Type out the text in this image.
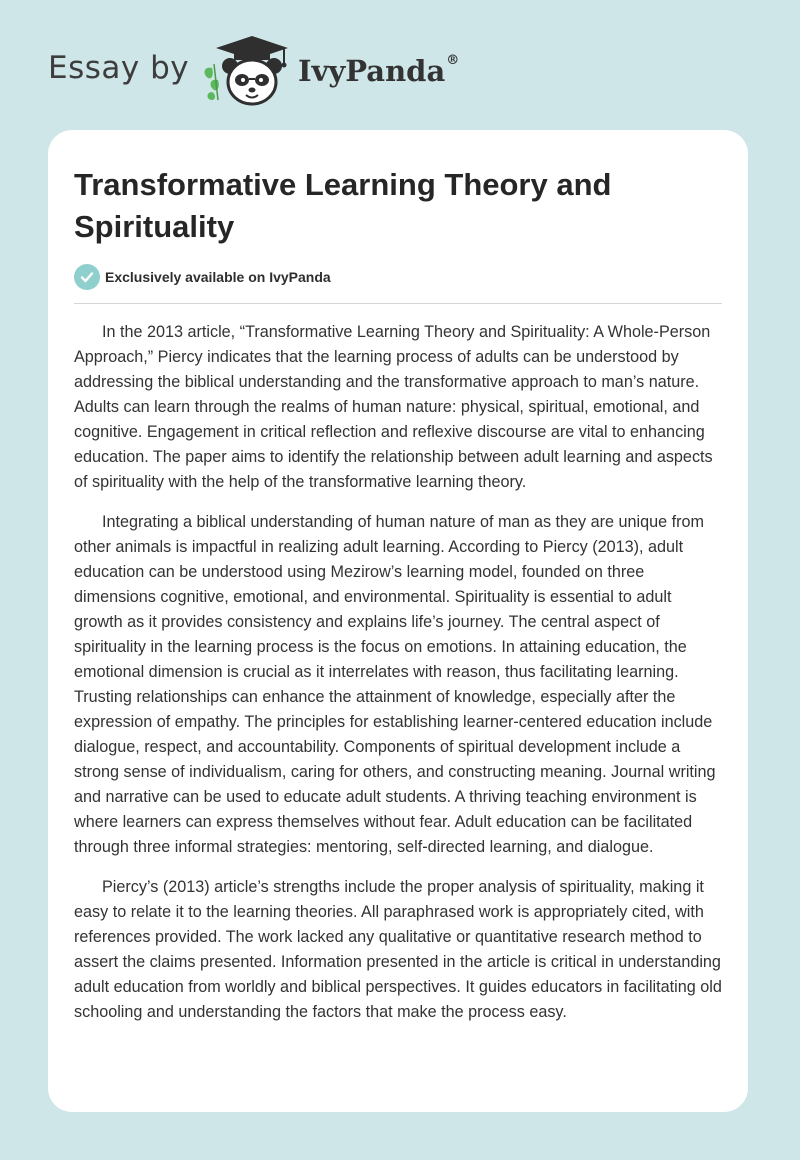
Essay by	IvyPanda®
Transformative Learning Theory and Spirituality
Exclusively available on IvyPanda

In the 2013 article, “Transformative Learning Theory and Spirituality: A Whole-Person Approach,” Piercy indicates that the learning process of adults can be understood by addressing the biblical understanding and the transformative approach to man’s nature. Adults can learn through the realms of human nature: physical, spiritual, emotional, and cognitive. Engagement in critical reflection and reflexive discourse are vital to enhancing education. The paper aims to identify the relationship between adult learning and aspects of spirituality with the help of the transformative learning theory.

Integrating a biblical understanding of human nature of man as they are unique from other animals is impactful in realizing adult learning. According to Piercy (2013), adult education can be understood using Mezirow’s learning model, founded on three dimensions cognitive, emotional, and environmental. Spirituality is essential to adult growth as it provides consistency and explains life’s journey. The central aspect of spirituality in the learning process is the focus on emotions. In attaining education, the emotional dimension is crucial as it interrelates with reason, thus facilitating learning. Trusting relationships can enhance the attainment of knowledge, especially after the expression of empathy. The principles for establishing learner-centered education include dialogue, respect, and accountability. Components of spiritual development include a strong sense of individualism, caring for others, and constructing meaning. Journal writing and narrative can be used to educate adult students. A thriving teaching environment is where learners can express themselves without fear. Adult education can be facilitated through three informal strategies: mentoring, self-directed learning, and dialogue.

Piercy’s (2013) article’s strengths include the proper analysis of spirituality, making it easy to relate it to the learning theories. All paraphrased work is appropriately cited, with references provided. The work lacked any qualitative or quantitative research method to assert the claims presented. Information presented in the article is critical in understanding adult education from worldly and biblical perspectives. It guides educators in facilitating old schooling and understanding the factors that make the process easy.
